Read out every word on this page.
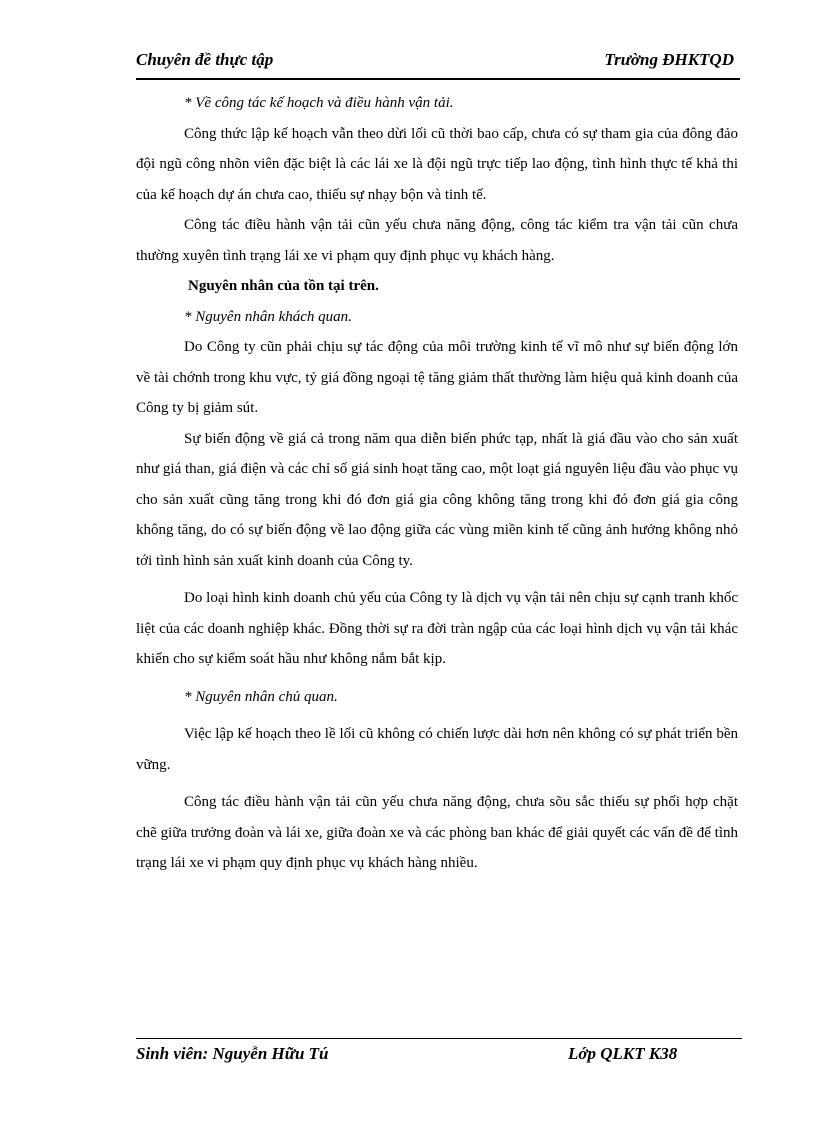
Chuyên đề thực tập	Trường ĐHKTQD

* Về công tác kế hoạch và điều hành vận tải.

Công thức lập kế hoạch vẫn theo dừi lối cũ thời bao cấp, chưa có sự tham gia của đông đảo đội ngũ công nhõn viên đặc biệt là các lái xe là đội ngũ trực tiếp lao động, tình hình thực tế khả thi của kế hoạch dự án chưa cao, thiếu sự nhạy bộn và tinh tế.

Công tác điều hành vận tải cũn yếu chưa năng động, công tác kiểm tra vận tải cũn chưa thường xuyên tình trạng lái xe vi phạm quy định phục vụ khách hàng.

Nguyên nhân của tồn tại trên.

* Nguyên nhân khách quan.

Do Công ty cũn phải chịu sự tác động của môi trường kinh tế vĩ mô như sự biến động lớn về tài chớnh trong khu vực, tỷ giá đồng ngoại tệ tăng giảm thất thường làm hiệu quả kinh doanh của Công ty bị giảm sút.

Sự biến động về giá cả trong năm qua diễn biến phức tạp, nhất là giá đầu vào cho sản xuất như giá than, giá điện và các chỉ số giá sinh hoạt tăng cao, một loạt giá nguyên liệu đầu vào phục vụ cho sản xuất cũng tăng trong khi đó đơn giá gia công không tăng trong khi đó đơn giá gia công không tăng, do có sự biến động về lao động giữa các vùng miền kinh tế cũng ảnh hưởng không nhỏ tới tình hình sản xuất kinh doanh của Công ty.

Do loại hình kinh doanh chủ yếu của Công ty là dịch vụ vận tải nên chịu sự cạnh tranh khốc liệt của các doanh nghiệp khác. Đồng thời sự ra đời tràn ngập của các loại hình dịch vụ vận tải khác khiến cho sự kiểm soát hầu như không nắm bắt kịp.

* Nguyên nhân chủ quan.

Việc lập kế hoạch theo lề lối cũ không có chiến lược dài hơn nên không có sự phát triển bền vững.

Công tác điều hành vận tải cũn yếu chưa năng động, chưa sõu sắc thiếu sự phối hợp chặt chẽ giữa trưởng đoàn và lái xe, giữa đoàn xe và các phòng ban khác để giải quyết các vấn đề để tình trạng lái xe vi phạm quy định phục vụ khách hàng nhiều.

Sinh viên: Nguyễn Hữu Tú	Lớp QLKT K38
